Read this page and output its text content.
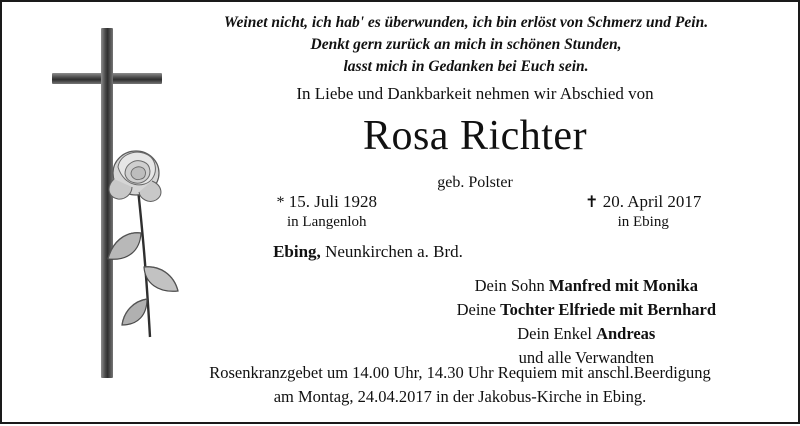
Weinet nicht, ich hab' es überwunden, ich bin erlöst von Schmerz und Pein.
Denkt gern zurück an mich in schönen Stunden,
lasst mich in Gedanken bei Euch sein.
In Liebe und Dankbarkeit nehmen wir Abschied von
Rosa Richter
geb. Polster
* 15. Juli 1928
in Langenloh
✝ 20. April 2017
in Ebing
Ebing, Neunkirchen a. Brd.
Dein Sohn Manfred mit Monika
Deine Tochter Elfriede mit Bernhard
Dein Enkel Andreas
und alle Verwandten
Rosenkranzgebet um 14.00 Uhr, 14.30 Uhr Requiem mit anschl.Beerdigung
am Montag, 24.04.2017 in der Jakobus-Kirche in Ebing.
